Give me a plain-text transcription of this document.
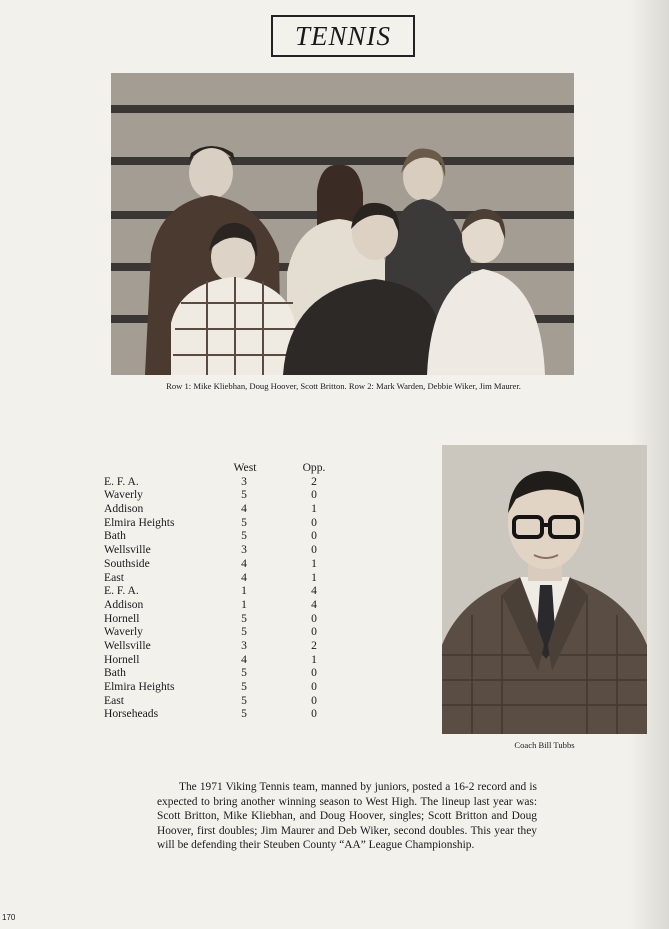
TENNIS
Row 1: Mike Kliebhan, Doug Hoover, Scott Britton. Row 2: Mark Warden, Debbie Wiker, Jim Maurer.
West	Opp.
E. F. A.	3	2
Waverly	5	0
Addison	4	1
Elmira Heights	5	0
Bath	5	0
Wellsville	3	0
Southside	4	1
East	4	1
E. F. A.	1	4
Addison	1	4
Hornell	5	0
Waverly	5	0
Wellsville	3	2
Hornell	4	1
Bath	5	0
Elmira Heights	5	0
East	5	0
Horseheads	5	0
Coach Bill Tubbs

The 1971 Viking Tennis team, manned by juniors, posted a 16-2 record and is expected to bring another winning season to West High. The lineup last year was: Scott Britton, Mike Kliebhan, and Doug Hoover, singles; Scott Britton and Doug Hoover, first doubles; Jim Maurer and Deb Wiker, second doubles. This year they will be defending their Steuben County “AA” League Championship.

170
